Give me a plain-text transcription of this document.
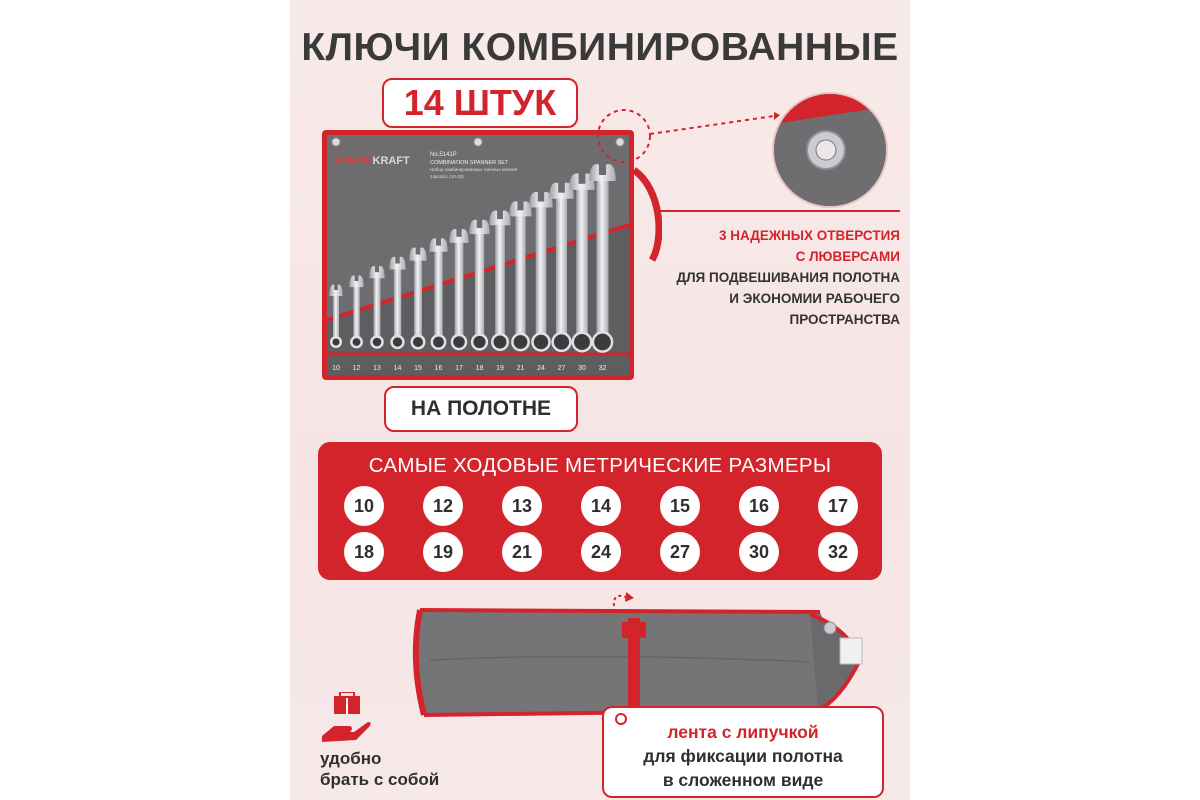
КЛЮЧИ КОМБИНИРОВАННЫЕ
14 ШТУК
10 12 13 14 15 16 17 18 19 21 24 27 30 32
FORCEKRAFT	No.5141P
COMBINATION SPANNER SET
Набор комбинированных гаечных ключей
14pcs/pc (10-32)
3 НАДЕЖНЫХ ОТВЕРСТИЯ
С ЛЮВЕРСАМИ
ДЛЯ ПОДВЕШИВАНИЯ ПОЛОТНА
И ЭКОНОМИИ РАБОЧЕГО
ПРОСТРАНСТВА
НА ПОЛОТНЕ
САМЫЕ ХОДОВЫЕ МЕТРИЧЕСКИЕ РАЗМЕРЫ
10	12	13	14	15	16	17
18	19	21	24	27	30	32
лента с липучкой
для фиксации полотна
в сложенном виде
удобно
брать с собой
